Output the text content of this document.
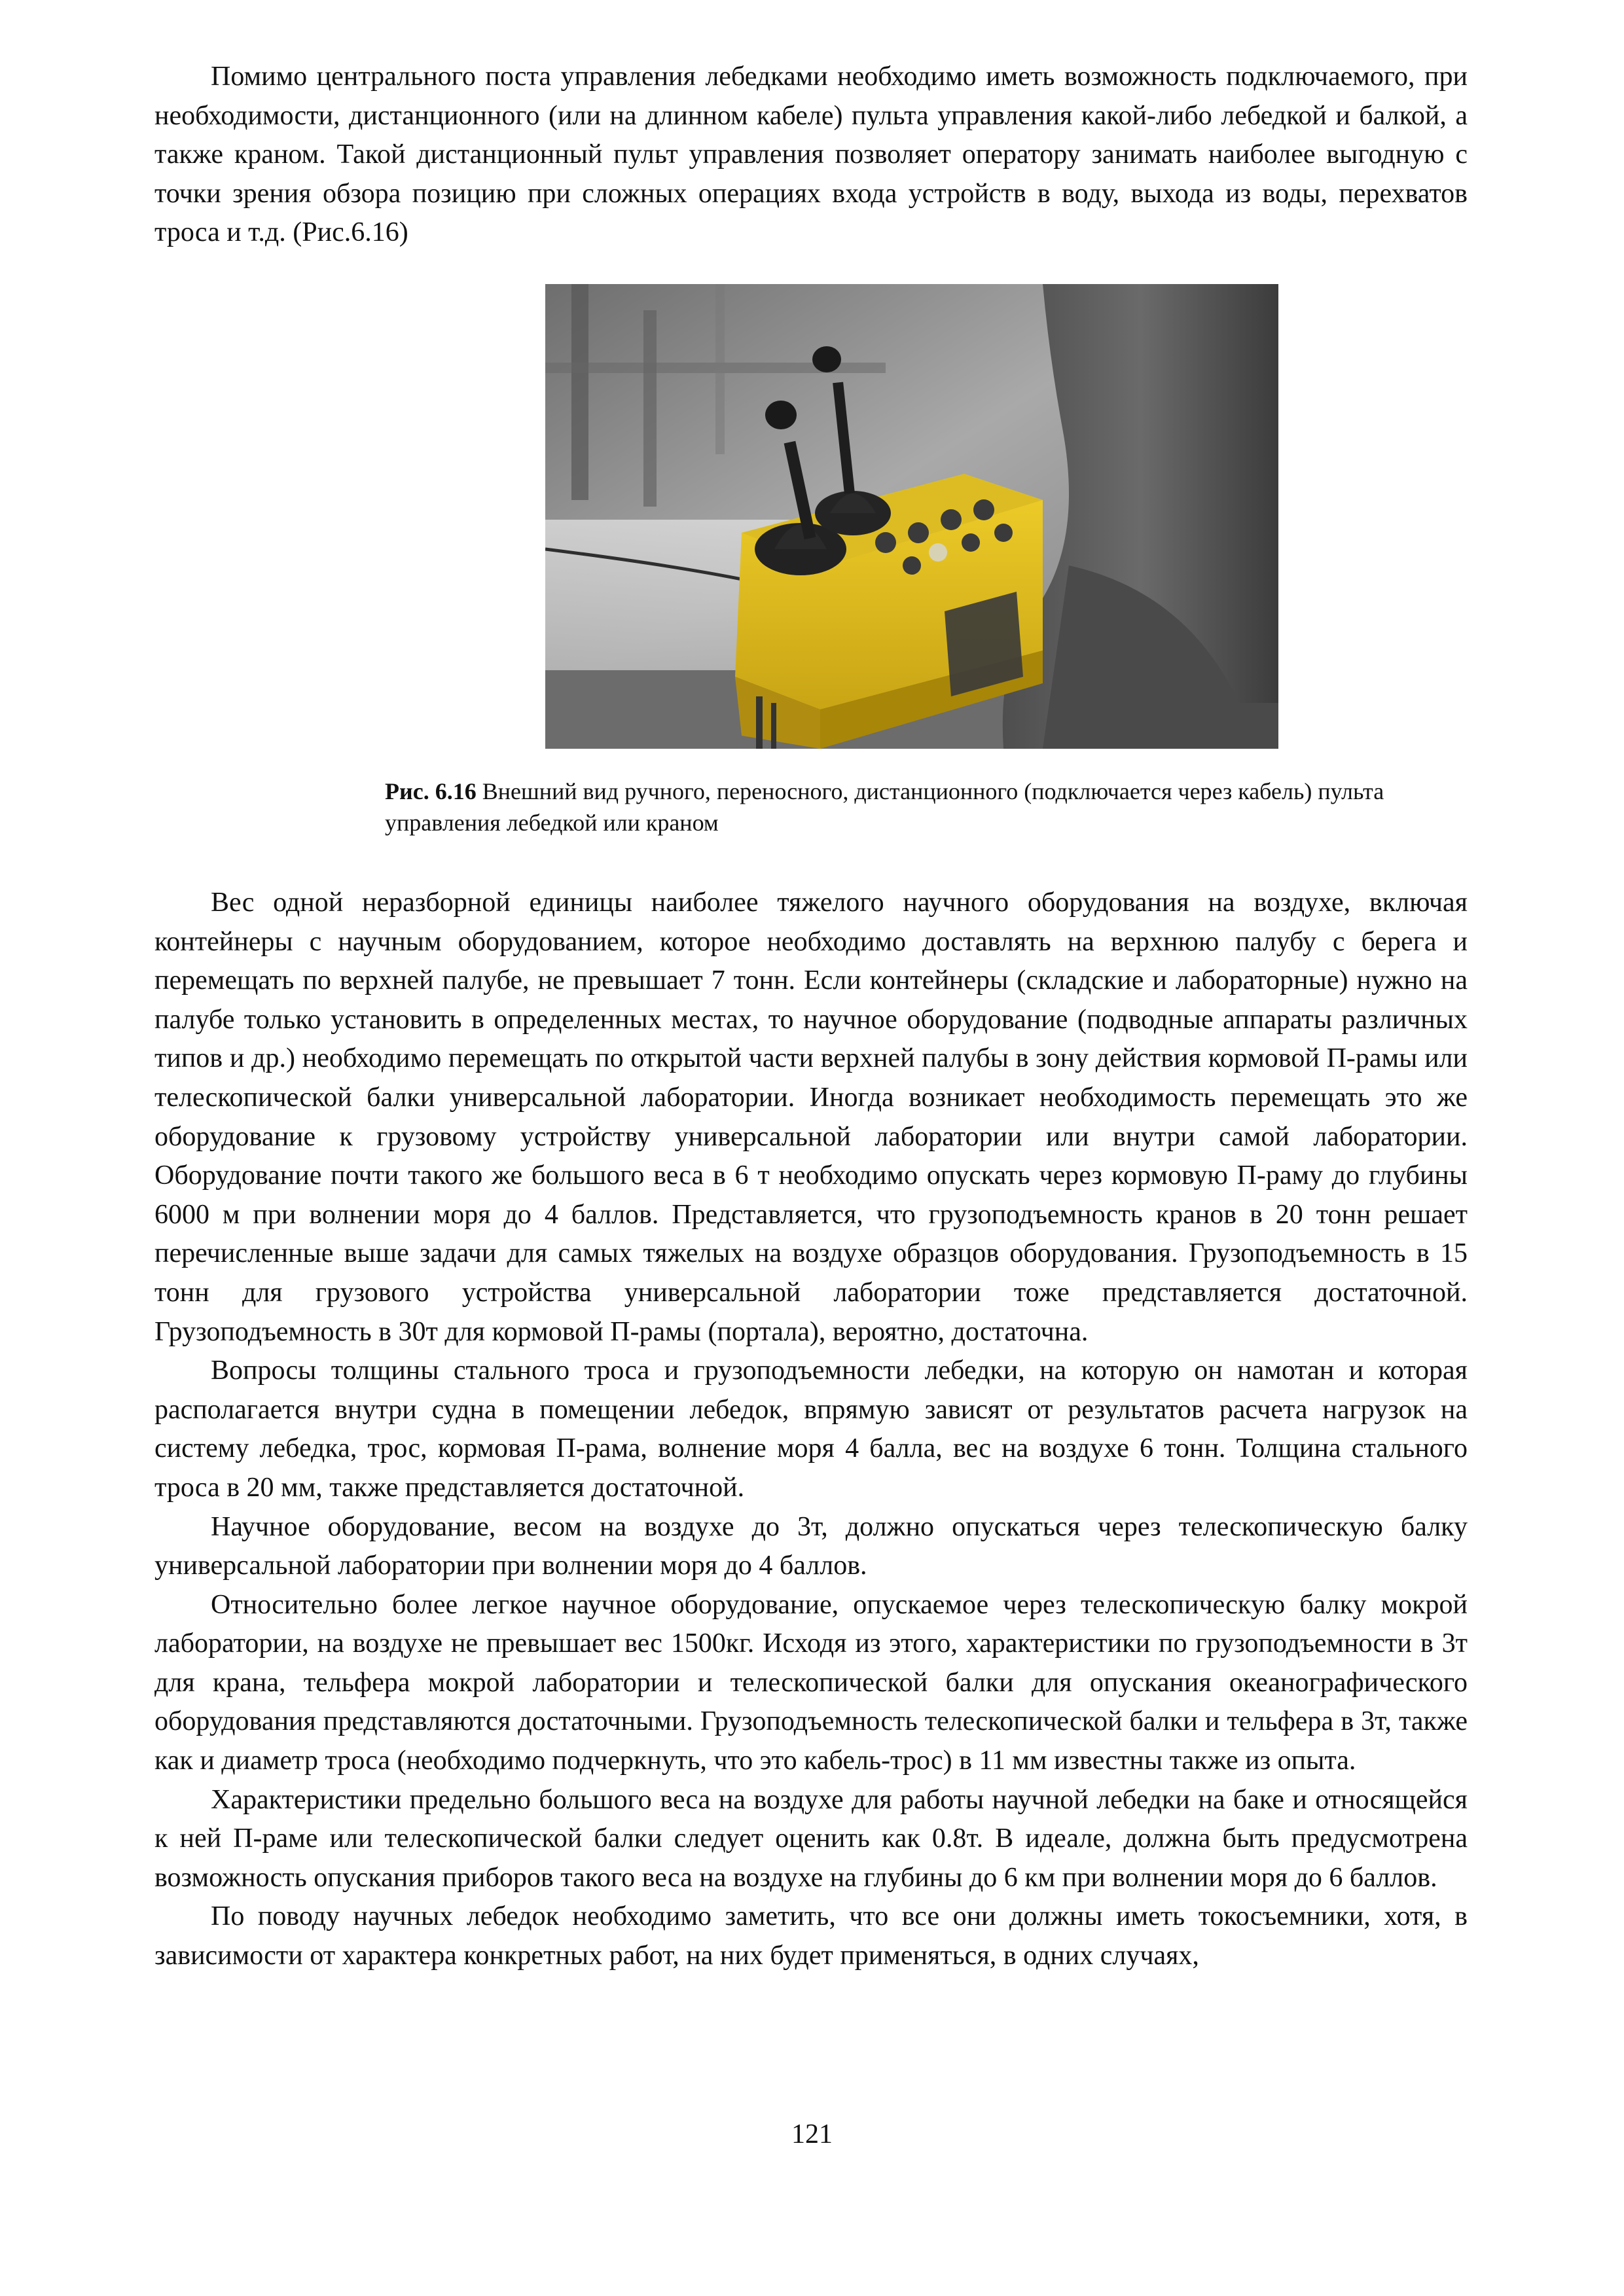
Помимо центрального поста управления лебедками необходимо иметь возможность подключаемого, при необходимости, дистанционного (или на длинном кабеле) пульта управления какой-либо лебедкой и балкой, а также краном. Такой дистанционный пульт управления позволяет оператору занимать наиболее выгодную с точки зрения обзора позицию при сложных операциях входа устройств в воду, выхода из воды, перехватов троса и т.д. (Рис.6.16)

Рис. 6.16 Внешний вид ручного, переносного, дистанционного (подключается через кабель) пульта управления лебедкой или краном

Вес одной неразборной единицы наиболее тяжелого научного оборудования на воздухе, включая контейнеры с научным оборудованием, которое необходимо доставлять на верхнюю палубу с берега и перемещать по верхней палубе, не превышает 7 тонн. Если контейнеры (складские и лабораторные) нужно на палубе только установить в определенных местах, то научное оборудование (подводные аппараты различных типов и др.) необходимо перемещать по открытой части верхней палубы в зону действия кормовой П-рамы или телескопической балки универсальной лаборатории. Иногда возникает необходимость перемещать это же оборудование к грузовому устройству универсальной лаборатории или внутри самой лаборатории. Оборудование почти такого же большого веса в 6 т необходимо опускать через кормовую П-раму до глубины 6000 м при волнении моря до 4 баллов. Представляется, что грузоподъемность кранов в 20 тонн решает перечисленные выше задачи для самых тяжелых на воздухе образцов оборудования. Грузоподъемность в 15 тонн для грузового устройства универсальной лаборатории тоже представляется достаточной. Грузоподъемность в 30т для кормовой П-рамы (портала), вероятно, достаточна.

Вопросы толщины стального троса и грузоподъемности лебедки, на которую он намотан и которая располагается внутри судна в помещении лебедок, впрямую зависят от результатов расчета нагрузок на систему лебедка, трос, кормовая П-рама, волнение моря 4 балла, вес на воздухе 6 тонн. Толщина стального троса в 20 мм, также представляется достаточной.

Научное оборудование, весом на воздухе до 3т, должно опускаться через телескопическую балку универсальной лаборатории при волнении моря до 4 баллов.

Относительно более легкое научное оборудование, опускаемое через телескопическую балку мокрой лаборатории, на воздухе не превышает вес 1500кг. Исходя из этого, характеристики по грузоподъемности в 3т для крана, тельфера мокрой лаборатории и телескопической балки для опускания океанографического оборудования представляются достаточными. Грузоподъемность телескопической балки и тельфера в 3т, также как и диаметр троса (необходимо подчеркнуть, что это кабель-трос) в 11 мм известны также из опыта.

Характеристики предельно большого веса на воздухе для работы научной лебедки на баке и относящейся к ней П-раме или телескопической балки следует оценить как 0.8т. В идеале, должна быть предусмотрена возможность опускания приборов такого веса на воздухе на глубины до 6 км при волнении моря до 6 баллов.

По поводу научных лебедок необходимо заметить, что все они должны иметь токосъемники, хотя, в зависимости от характера конкретных работ, на них будет применяться, в одних случаях,

121
